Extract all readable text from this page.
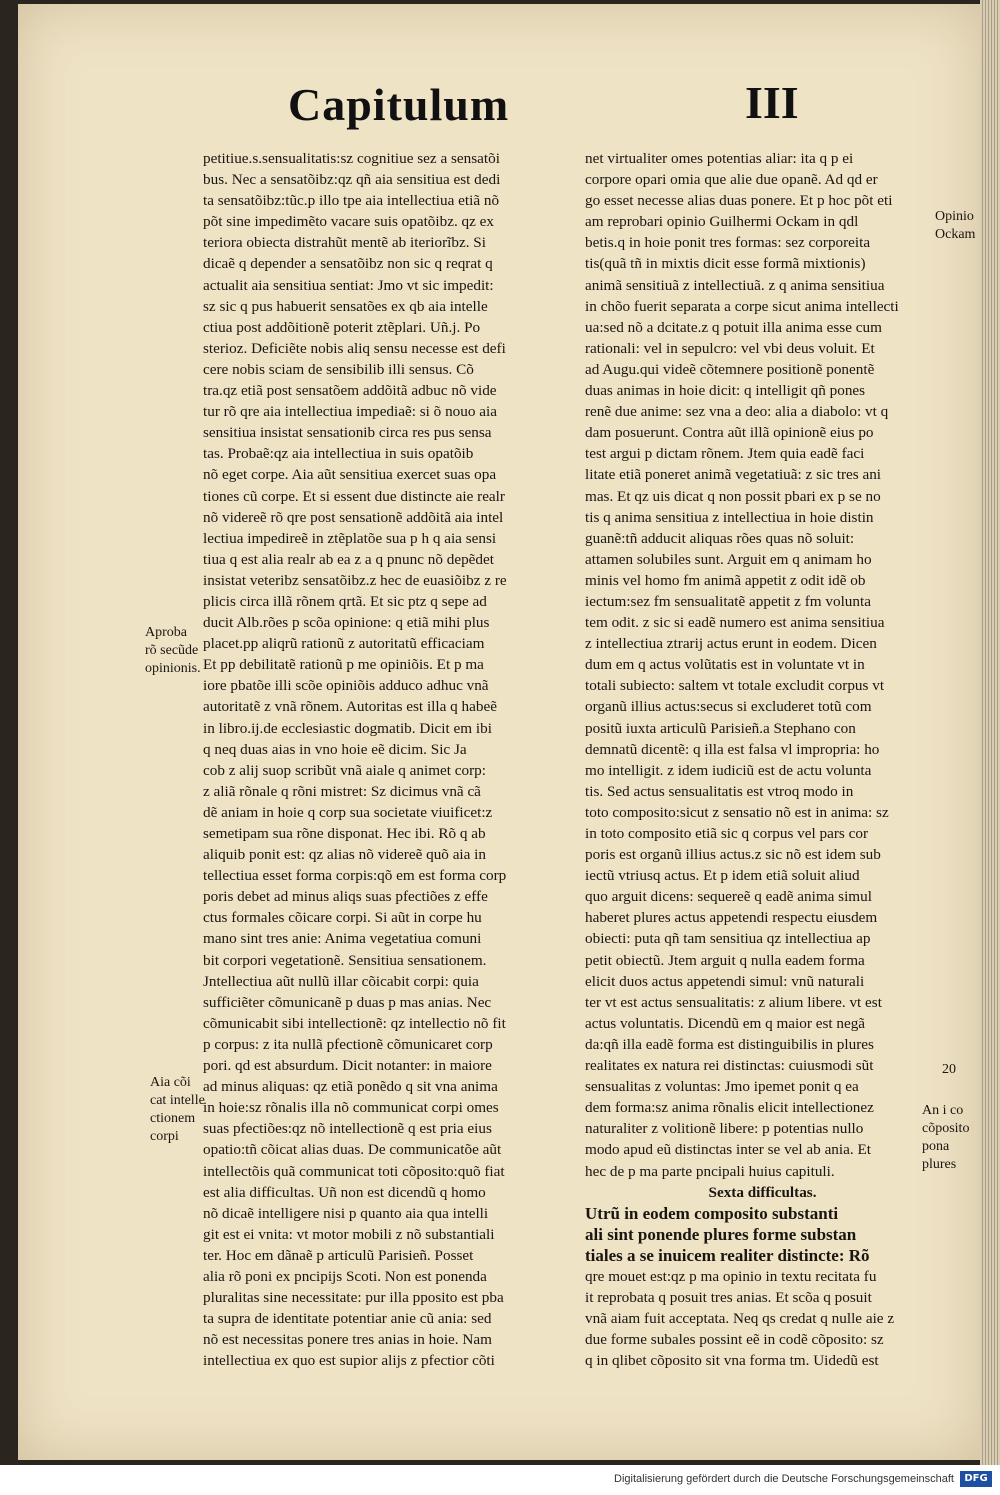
Capitulum	III
petitiue.s.sensualitatis:sz cognitiue sez a sensatõi
bus. Nec a sensatõibz:qz qñ aia sensitiua est dedi
ta sensatõibz:tũc.p illo tpe aia intellectiua etiã nõ
põt sine impedimẽto vacare suis opatõibz. qz ex
teriora obiecta distrahũt mentẽ ab iteriorĩbz. Si
dicaẽ q depender a sensatõibz non sic q reqrat q
actualit aia sensitiua sentiat: Jmo vt sic impedit:
sz sic q pus habuerit sensatões ex qb aia intelle
ctiua post addõitionẽ poterit ztẽplari. Uñ.j. Po
sterioz. Deficiẽte nobis aliq sensu necesse est defi
cere nobis sciam de sensibilib illi sensus. Cõ
tra.qz etiã post sensatõem addõitã adbuc nõ vide
tur rõ qre aia intellectiua impediaẽ: si õ nouo aia
sensitiua insistat sensationib circa res pus sensa
tas. Probaẽ:qz aia intellectiua in suis opatõib
nõ eget corpe. Aia aũt sensitiua exercet suas opa
tiones cũ corpe. Et si essent due distincte aie realr
nõ videreẽ rõ qre post sensationẽ addõitã aia intel
lectiua impedireẽ in ztẽplatõe sua p h q aia sensi
tiua q est alia realr ab ea z a q pnunc nõ depẽdet
insistat veteribz sensatõibz.z hec de euasiõibz z re
plicis circa illã rõnem qrtã. Et sic ptz q sepe ad
ducit Alb.rões p scõa opinione: q etiã mihi plus
placet.pp aliqrũ rationũ z autoritatũ efficaciam
Et pp debilitatẽ rationũ p me opiniõis. Et p ma
iore pbatõe illi scõe opiniõis adduco adhuc vnã
autoritatẽ z vnã rõnem. Autoritas est illa q habeẽ
in libro.ij.de ecclesiastic dogmatib. Dicit em ibi
q neq duas aias in vno hoie eẽ dicim. Sic Ja
cob z alij suop scribũt vnã aiale q animet corp:
z aliã rõnale q rõni mistret: Sz dicimus vnã cã
dẽ aniam in hoie q corp sua societate viuificet:z
semetipam sua rõne disponat. Hec ibi. Rõ q ab
aliquib ponit est: qz alias nõ videreẽ quõ aia in
tellectiua esset forma corpis:qõ em est forma corp
poris debet ad minus aliqs suas pfectiões z effe
ctus formales cõicare corpi. Si aũt in corpe hu
mano sint tres anie: Anima vegetatiua comuni
bit corpori vegetationẽ. Sensitiua sensationem.
Jntellectiua aũt nullũ illar cõicabit corpi: quia
sufficiẽter cõmunicanẽ p duas p mas anias. Nec
cõmunicabit sibi intellectionẽ: qz intellectio nõ fit
p corpus: z ita nullã pfectionẽ cõmunicaret corp
pori. qd est absurdum. Dicit notanter: in maiore
ad minus aliquas: qz etiã ponẽdo q sit vna anima
in hoie:sz rõnalis illa nõ communicat corpi omes
suas pfectiões:qz nõ intellectionẽ q est pria eius
opatio:tñ cõicat alias duas. De communicatõe aũt
intellectõis quã communicat toti cõposito:quõ fiat
est alia difficultas. Uñ non est dicendũ q homo
nõ dicaẽ intelligere nisi p quanto aia qua intelli
git est ei vnita: vt motor mobili z nõ substantiali
ter. Hoc em dãnaẽ p articulũ Parisieñ. Posset
alia rõ poni ex pncipijs Scoti. Non est ponenda
pluralitas sine necessitate: pur illa pposito est pba
ta supra de identitate potentiar anie cũ ania: sed
nõ est necessitas ponere tres anias in hoie. Nam
intellectiua ex quo est supior alijs z pfectior cõti
net virtualiter omes potentias aliar: ita q p ei
corpore opari omia que alie due opanẽ. Ad qd er
go esset necesse alias duas ponere. Et p hoc põt eti
am reprobari opinio Guilhermi Ockam in qdl
betis.q in hoie ponit tres formas: sez corporeita
tis(quã tñ in mixtis dicit esse formã mixtionis)
animã sensitiuã z intellectiuã. z q anima sensitiua
in chõo fuerit separata a corpe sicut anima intellecti
ua:sed nõ a dcitate.z q potuit illa anima esse cum
rationali: vel in sepulcro: vel vbi deus voluit. Et
ad Augu.qui videẽ cõtemnere positionẽ ponentẽ
duas animas in hoie dicit: q intelligit qñ pones
renẽ due anime: sez vna a deo: alia a diabolo: vt q
dam posuerunt. Contra aũt illã opinionẽ eius po
test argui p dictam rõnem. Jtem quia eadẽ faci
litate etiã poneret animã vegetatiuã: z sic tres ani
mas. Et qz uis dicat q non possit pbari ex p se no
tis q anima sensitiua z intellectiua in hoie distin
guanẽ:tñ adducit aliquas rões quas nõ soluit:
attamen solubiles sunt. Arguit em q animam ho
minis vel homo fm animã appetit z odit idẽ ob
iectum:sez fm sensualitatẽ appetit z fm volunta
tem odit. z sic si eadẽ numero est anima sensitiua
z intellectiua ztrarij actus erunt in eodem. Dicen
dum em q actus volũtatis est in voluntate vt in
totali subiecto: saltem vt totale excludit corpus vt
organũ illius actus:secus si excluderet totũ com
positũ iuxta articulũ Parisieñ.a Stephano con
demnatũ dicentẽ: q illa est falsa vl impropria: ho
mo intelligit. z idem iudiciũ est de actu volunta
tis. Sed actus sensualitatis est vtroq modo in
toto composito:sicut z sensatio nõ est in anima: sz
in toto composito etiã sic q corpus vel pars cor
poris est organũ illius actus.z sic nõ est idem sub
iectũ vtriusq actus. Et p idem etiã soluit aliud
quo arguit dicens: sequereẽ q eadẽ anima simul
haberet plures actus appetendi respectu eiusdem
obiecti: puta qñ tam sensitiua qz intellectiua ap
petit obiectũ. Jtem arguit q nulla eadem forma
elicit duos actus appetendi simul: vnũ naturali
ter vt est actus sensualitatis: z alium libere. vt est
actus voluntatis. Dicendũ em q maior est negã
da:qñ illa eadẽ forma est distinguibilis in plures
realitates ex natura rei distinctas: cuiusmodi sũt
sensualitas z voluntas: Jmo ipemet ponit q ea
dem forma:sz anima rõnalis elicit intellectionez
naturaliter z volitionẽ libere: p potentias nullo
modo apud eũ distinctas inter se vel ab ania. Et
hec de p ma parte pncipali huius capituli.
Sexta difficultas.
Utrũ in eodem composito substanti
ali sint ponende plures forme substan
tiales a se inuicem realiter distincte: Rõ
qre mouet est:qz p ma opinio in textu recitata fu
it reprobata q posuit tres anias. Et scõa q posuit
vnã aiam fuit acceptata. Neq qs credat q nulle aie z
due forme subales possint eẽ in codẽ cõposito: sz
q in qlibet cõposito sit vna forma tm. Uidedũ est
Aproba
rõ secũde
opinionis.
Aia cõi
cat intelle
ctionem
corpi
Opinio
Ockam
An i co
cõposito
pona
plures
20
Digitalisierung gefördert durch die Deutsche Forschungsgemeinschaft	DFG
